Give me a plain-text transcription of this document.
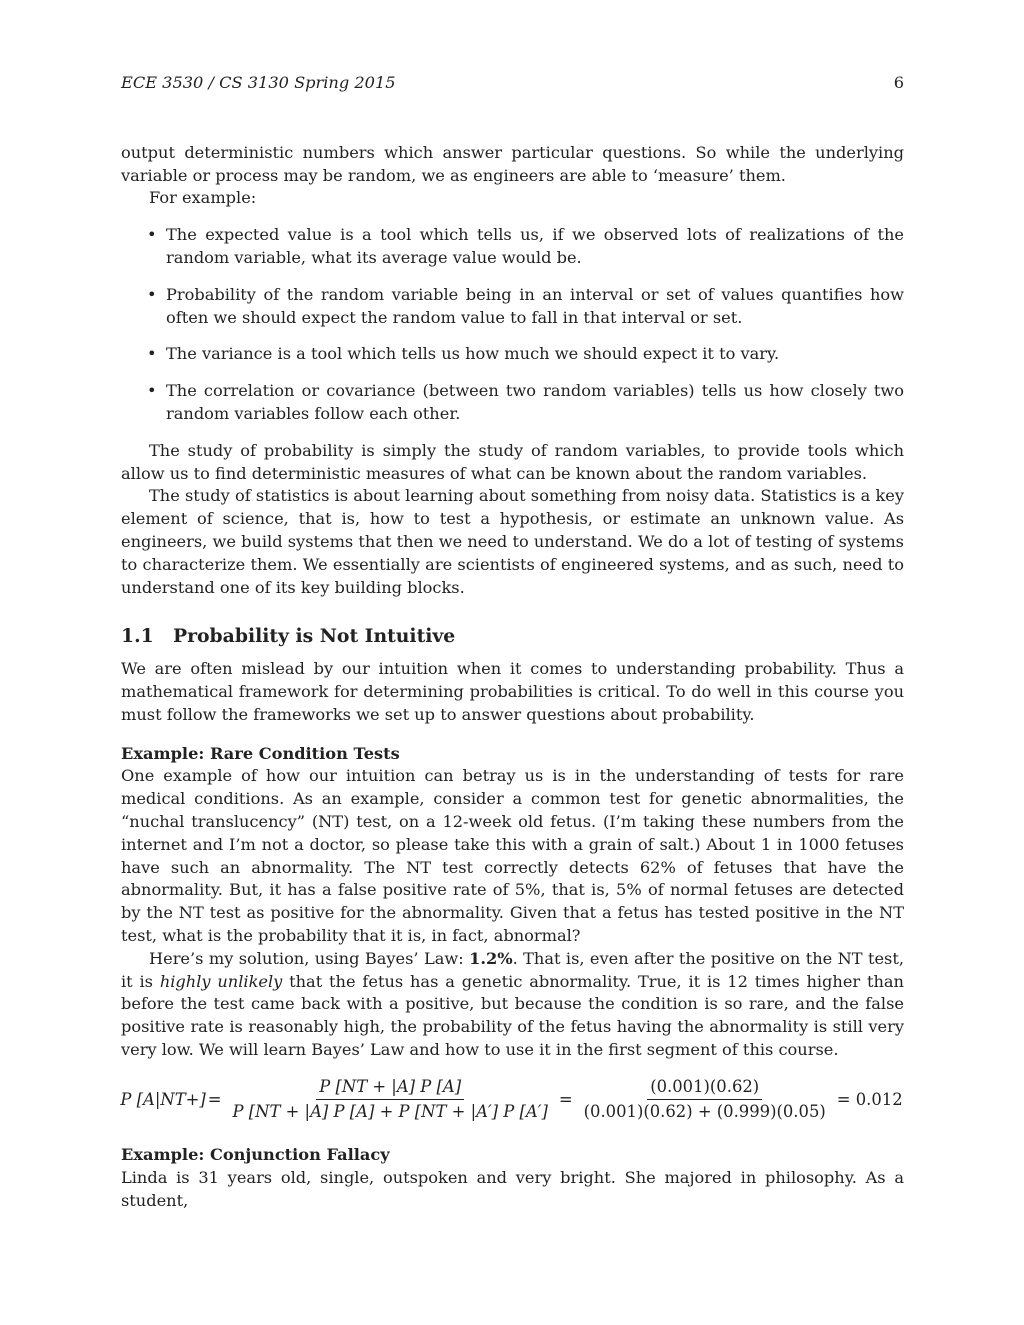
ECE 3530 / CS 3130 Spring 2015	6

output deterministic numbers which answer particular questions. So while the underlying variable or process may be random, we as engineers are able to ‘measure’ them.

For example:

• The expected value is a tool which tells us, if we observed lots of realizations of the random variable, what its average value would be.
• Probability of the random variable being in an interval or set of values quantifies how often we should expect the random value to fall in that interval or set.
• The variance is a tool which tells us how much we should expect it to vary.
• The correlation or covariance (between two random variables) tells us how closely two random variables follow each other.

The study of probability is simply the study of random variables, to provide tools which allow us to find deterministic measures of what can be known about the random variables.

The study of statistics is about learning about something from noisy data. Statistics is a key element of science, that is, how to test a hypothesis, or estimate an unknown value. As engineers, we build systems that then we need to understand. We do a lot of testing of systems to characterize them. We essentially are scientists of engineered systems, and as such, need to understand one of its key building blocks.

1.1 Probability is Not Intuitive

We are often mislead by our intuition when it comes to understanding probability. Thus a mathematical framework for determining probabilities is critical. To do well in this course you must follow the frameworks we set up to answer questions about probability.

Example: Rare Condition Tests

One example of how our intuition can betray us is in the understanding of tests for rare medical conditions. As an example, consider a common test for genetic abnormalities, the “nuchal translucency” (NT) test, on a 12-week old fetus. (I’m taking these numbers from the internet and I’m not a doctor, so please take this with a grain of salt.) About 1 in 1000 fetuses have such an abnormality. The NT test correctly detects 62% of fetuses that have the abnormality. But, it has a false positive rate of 5%, that is, 5% of normal fetuses are detected by the NT test as positive for the abnormality. Given that a fetus has tested positive in the NT test, what is the probability that it is, in fact, abnormal?

Here’s my solution, using Bayes’ Law: 1.2%. That is, even after the positive on the NT test, it is highly unlikely that the fetus has a genetic abnormality. True, it is 12 times higher than before the test came back with a positive, but because the condition is so rare, and the false positive rate is reasonably high, the probability of the fetus having the abnormality is still very very low. We will learn Bayes’ Law and how to use it in the first segment of this course.

P $[A|NT+] = \frac{P [NT + |A] P [A]}{P [NT + |A] P [A] + P [NT + |A'] P [A']} = \frac{(0.001)(0.62)}{(0.001)(0.62) + (0.999)(0.05)} = 0.012$
Example: Conjunction Fallacy

Linda is 31 years old, single, outspoken and very bright. She majored in philosophy. As a student,
